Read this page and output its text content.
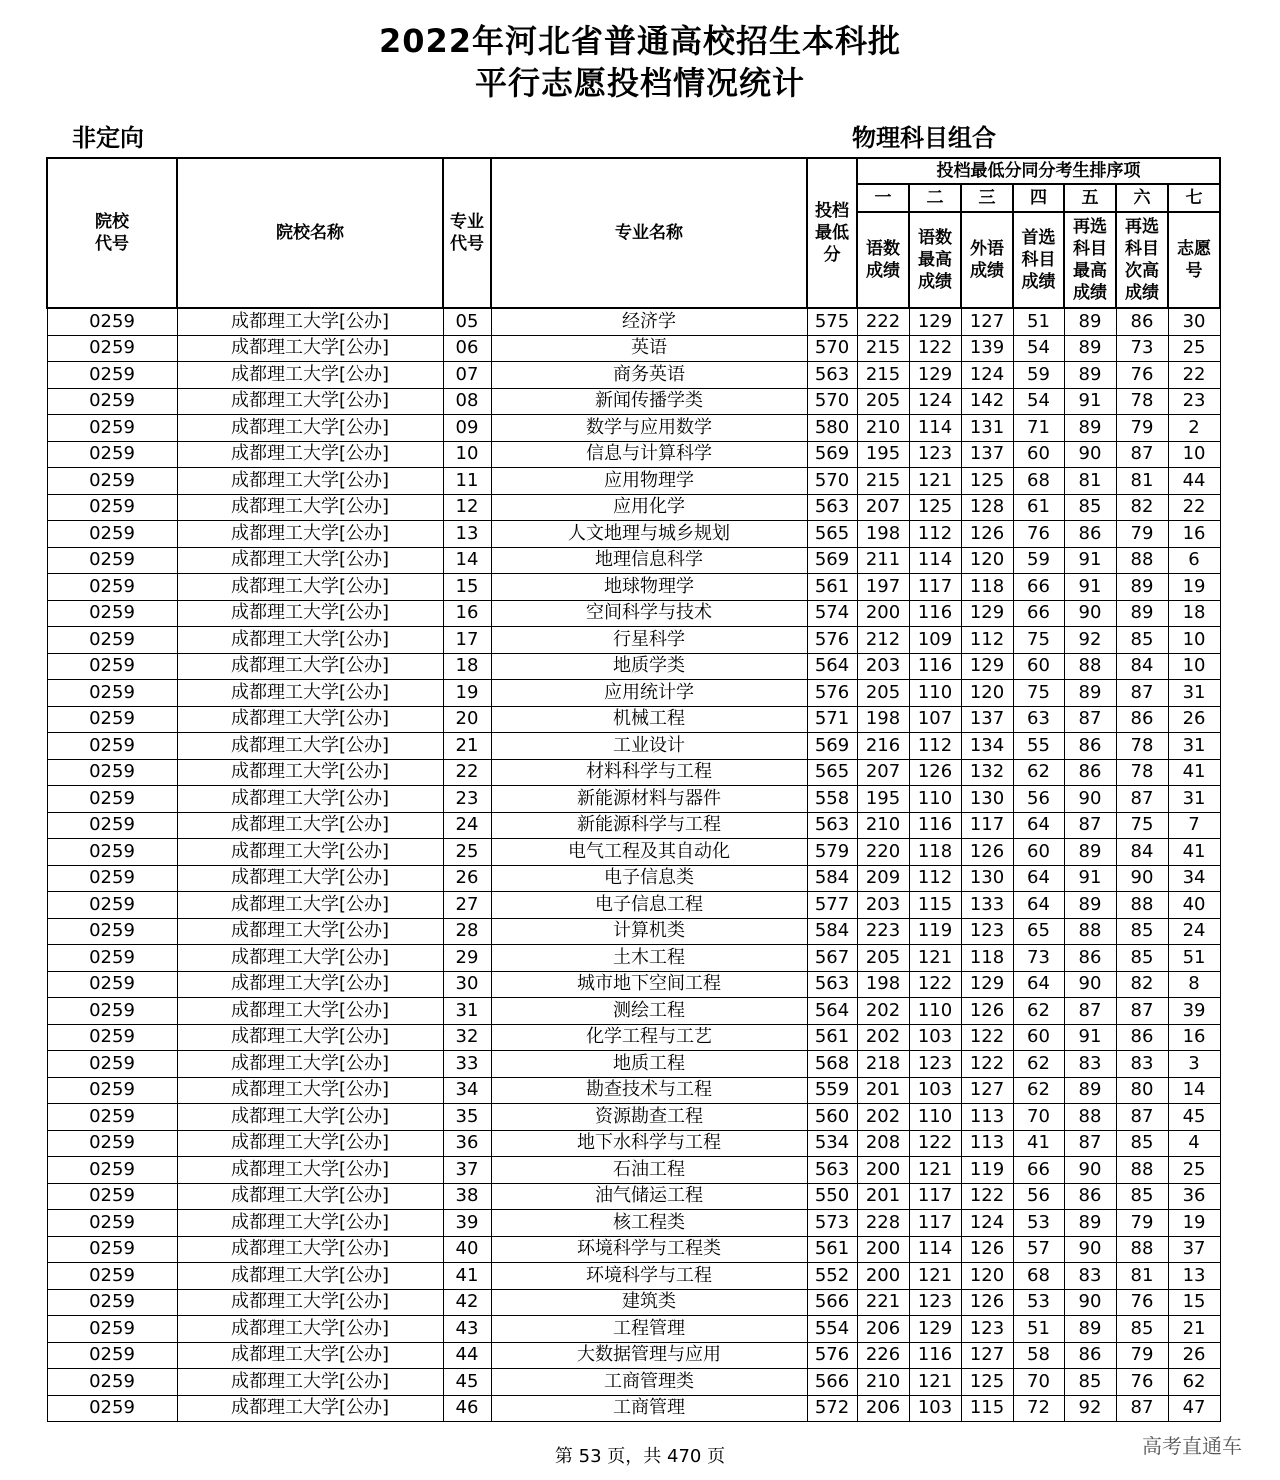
2022年河北省普通高校招生本科批
平行志愿投档情况统计
非定向	物理科目组合
院校代号	院校名称	专业代号	专业名称	投档最低分	投档最低分同分考生排序项						
					一	二	三	四	五	六	七

					语数成绩	语数最高成绩	外语成绩	首选科目成绩	再选科目最高成绩	再选科目次高成绩	志愿号

0259	成都理工大学[公办]	05	经济学	575	222	129	127	51	89	86	30
0259	成都理工大学[公办]	06	英语	570	215	122	139	54	89	73	25
0259	成都理工大学[公办]	07	商务英语	563	215	129	124	59	89	76	22
0259	成都理工大学[公办]	08	新闻传播学类	570	205	124	142	54	91	78	23
0259	成都理工大学[公办]	09	数学与应用数学	580	210	114	131	71	89	79	2
0259	成都理工大学[公办]	10	信息与计算科学	569	195	123	137	60	90	87	10
0259	成都理工大学[公办]	11	应用物理学	570	215	121	125	68	81	81	44
0259	成都理工大学[公办]	12	应用化学	563	207	125	128	61	85	82	22
0259	成都理工大学[公办]	13	人文地理与城乡规划	565	198	112	126	76	86	79	16
0259	成都理工大学[公办]	14	地理信息科学	569	211	114	120	59	91	88	6
0259	成都理工大学[公办]	15	地球物理学	561	197	117	118	66	91	89	19
0259	成都理工大学[公办]	16	空间科学与技术	574	200	116	129	66	90	89	18
0259	成都理工大学[公办]	17	行星科学	576	212	109	112	75	92	85	10
0259	成都理工大学[公办]	18	地质学类	564	203	116	129	60	88	84	10
0259	成都理工大学[公办]	19	应用统计学	576	205	110	120	75	89	87	31
0259	成都理工大学[公办]	20	机械工程	571	198	107	137	63	87	86	26
0259	成都理工大学[公办]	21	工业设计	569	216	112	134	55	86	78	31
0259	成都理工大学[公办]	22	材料科学与工程	565	207	126	132	62	86	78	41
0259	成都理工大学[公办]	23	新能源材料与器件	558	195	110	130	56	90	87	31
0259	成都理工大学[公办]	24	新能源科学与工程	563	210	116	117	64	87	75	7
0259	成都理工大学[公办]	25	电气工程及其自动化	579	220	118	126	60	89	84	41
0259	成都理工大学[公办]	26	电子信息类	584	209	112	130	64	91	90	34
0259	成都理工大学[公办]	27	电子信息工程	577	203	115	133	64	89	88	40
0259	成都理工大学[公办]	28	计算机类	584	223	119	123	65	88	85	24
0259	成都理工大学[公办]	29	土木工程	567	205	121	118	73	86	85	51
0259	成都理工大学[公办]	30	城市地下空间工程	563	198	122	129	64	90	82	8
0259	成都理工大学[公办]	31	测绘工程	564	202	110	126	62	87	87	39
0259	成都理工大学[公办]	32	化学工程与工艺	561	202	103	122	60	91	86	16
0259	成都理工大学[公办]	33	地质工程	568	218	123	122	62	83	83	3
0259	成都理工大学[公办]	34	勘查技术与工程	559	201	103	127	62	89	80	14
0259	成都理工大学[公办]	35	资源勘查工程	560	202	110	113	70	88	87	45
0259	成都理工大学[公办]	36	地下水科学与工程	534	208	122	113	41	87	85	4
0259	成都理工大学[公办]	37	石油工程	563	200	121	119	66	90	88	25
0259	成都理工大学[公办]	38	油气储运工程	550	201	117	122	56	86	85	36
0259	成都理工大学[公办]	39	核工程类	573	228	117	124	53	89	79	19
0259	成都理工大学[公办]	40	环境科学与工程类	561	200	114	126	57	90	88	37
0259	成都理工大学[公办]	41	环境科学与工程	552	200	121	120	68	83	81	13
0259	成都理工大学[公办]	42	建筑类	566	221	123	126	53	90	76	15
0259	成都理工大学[公办]	43	工程管理	554	206	129	123	51	89	85	21
0259	成都理工大学[公办]	44	大数据管理与应用	576	226	116	127	58	86	79	26
0259	成都理工大学[公办]	45	工商管理类	566	210	121	125	70	85	76	62
0259	成都理工大学[公办]	46	工商管理	572	206	103	115	72	92	87	47
第 53 页，共 470 页	高考直通车
